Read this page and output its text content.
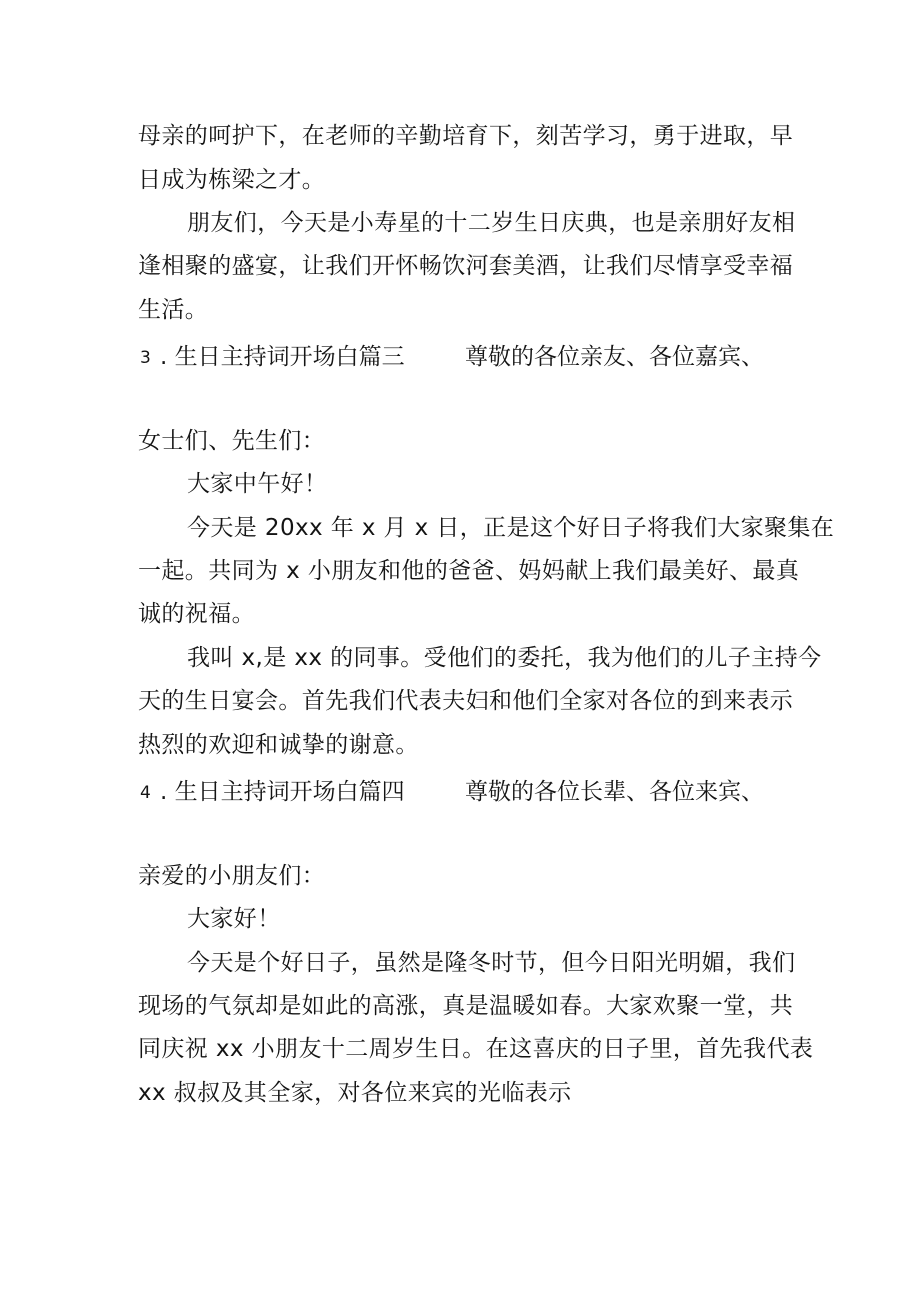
母亲的呵护下，在老师的辛勤培育下，刻苦学习，勇于进取，早
日成为栋梁之才。
朋友们，今天是小寿星的十二岁生日庆典，也是亲朋好友相
逢相聚的盛宴，让我们开怀畅饮河套美酒，让我们尽情享受幸福
生活。
3 . 生日主持词开场白篇三	尊敬的各位亲友、各位嘉宾、
女士们、先生们：
大家中午好！
今天是 20xx 年 x 月 x 日，正是这个好日子将我们大家聚集在
一起。共同为 x 小朋友和他的爸爸、妈妈献上我们最美好、最真
诚的祝福。
我叫 x,是 xx 的同事。受他们的委托，我为他们的儿子主持今
天的生日宴会。首先我们代表夫妇和他们全家对各位的到来表示
热烈的欢迎和诚挚的谢意。
4 . 生日主持词开场白篇四	尊敬的各位长辈、各位来宾、
亲爱的小朋友们：
大家好！
今天是个好日子，虽然是隆冬时节，但今日阳光明媚，我们
现场的气氛却是如此的高涨，真是温暖如春。大家欢聚一堂，共
同庆祝 xx 小朋友十二周岁生日。在这喜庆的日子里，首先我代表
xx 叔叔及其全家，对各位来宾的光临表示
